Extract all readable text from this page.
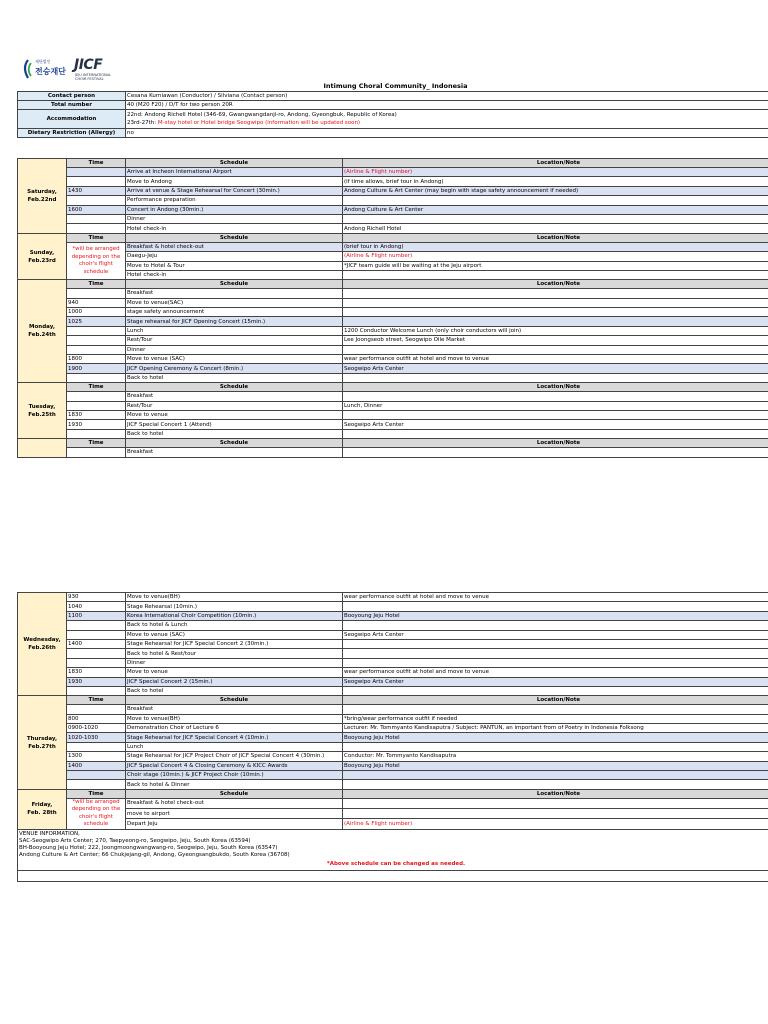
재단법인
전승재단 JICF
JEJU INTERNATIONAL CHOIR FESTIVAL
Intimung Choral Community_ Indonesia
Contact person	Cesana Kurniawan (Conductor) / Silviana (Contact person)
Total number	40 (M20 F20) / D/T for two person 20R
Accommodation	22nd: Andong Richell Hotel (346-69, Gwangwangdanji-ro, Andong, Gyeongbuk, Republic of Korea)
23rd-27th: M-stay hotel or Hotel bridge Seogwipo (information will be updated soon)

Dietary Restriction (Allergy)	no
Saturday,
Feb.22nd	Time	Schedule	Location/Note
		Arrive at Incheon International Airport	(Airline & Flight number)
		Move to Andong	(if time allows, brief tour in Andong)
	1430	Arrive at venue & Stage Rehearsal for Concert (30min.)	Andong Culture & Art Center (may begin with stage safety announcement if needed)
		Performance preparation	
	1600	Concert in Andong (30min.)	Andong Culture & Art Center
		Dinner	
		Hotel check-in	Andong Richell Hotel

Sunday,
Feb.23rd	Time	Schedule	Location/Note
	*will be arranged depending on the choir's flight schedule	Breakfast & hotel check-out	(brief tour in Andong)
		Daegu-Jeju	(Airline & Flight number)
		Move to Hotel & Tour	*JICF team guide will be waiting at the Jeju airport
		Hotel check-in	

Monday,
Feb.24th	Time	Schedule	Location/Note
		Breakfast	
	940	Move to venue(SAC)	
	1000	stage safety announcement	
	1025	Stage rehearsal for JICF Opening Concert (15min.)	
		Lunch	1200 Conductor Welcome Lunch (only choir conductors will join)
		Rest/Tour	Lee Joongseob street, Seogwipo Olle Market
		Dinner	
	1800	Move to venue (SAC)	wear performance outfit at hotel and move to venue
	1900	JICF Opening Ceremony & Concert (8min.)	Seogwipo Arts Center
		Back to hotel	

Tuesday,
Feb.25th	Time	Schedule	Location/Note
		Breakfast	
		Rest/Tour	Lunch, Dinner
	1830	Move to venue	
	1930	JICF Special Concert 1 (Attend)	Seogwipo Arts Center
		Back to hotel	
	Time	Schedule	Location/Note
		Breakfast	
Wednesday,
Feb.26th	930	Move to venue(BH)	wear performance outfit at hotel and move to venue
	1040	Stage Rehearsal (10min.)	
	1100	Korea International Choir Competition (10min.)	Booyoung Jeju Hotel
		Back to hotel & Lunch	
		Move to venue (SAC)	Seogwipo Arts Center
	1400	Stage Rehearsal for JICF Special Concert 2 (30min.)	
		Back to hotel & Rest/tour	
		Dinner	
	1830	Move to venue	wear performance outfit at hotel and move to venue
	1930	JICF Special Concert 2 (15min.)	Seogwipo Arts Center
		Back to hotel	

Thursday,
Feb.27th	Time	Schedule	Location/Note
		Breakfast	
	800	Move to venue(BH)	*bring/wear performance outfit if needed
	0900-1020	Demonstration Choir of Lecture 6	Lecturer: Mr. Tommyanto Kandisaputra / Subject: PANTUN, an important from of Poetry in Indonesia Folksong
	1020-1030	Stage Rehearsal for JICF Special Concert 4 (10min.)	Booyoung Jeju Hotel
		Lunch	
	1300	Stage Rehearsal for JICF Project Choir of JICF Special Concert 4 (30min.)	Conductor: Mr. Tommyanto Kandisaputra
	1400	JICF Special Concert 4 & Closing Ceremony & KICC Awards	Booyoung Jeju Hotel
		Choir stage (10min.) & JICF Project Choir (10min.)	
		Back to hotel & Dinner	

Friday,
Feb. 28th	Time	Schedule	Location/Note
	*will be arranged depending on the choir's flight schedule	Breakfast & hotel check-out	
		move to airport	
		Depart Jeju	(Airline & Flight number)

VENUE INFORMATION,
SAC-Seogwipo Arts Center; 270, Taepyeong-ro, Seogwipo, Jeju, South Korea (63594)
BH-Booyoung Jeju Hotel; 222, Joongmoongwangwang-ro, Seogwipo, Jeju, South Korea (63547)
Andong Culture & Art Center; 66 Chukjejang-gil, Andong, Gyeongsangbukdo, South Korea (36708)			

*Above schedule can be changed as needed.			
